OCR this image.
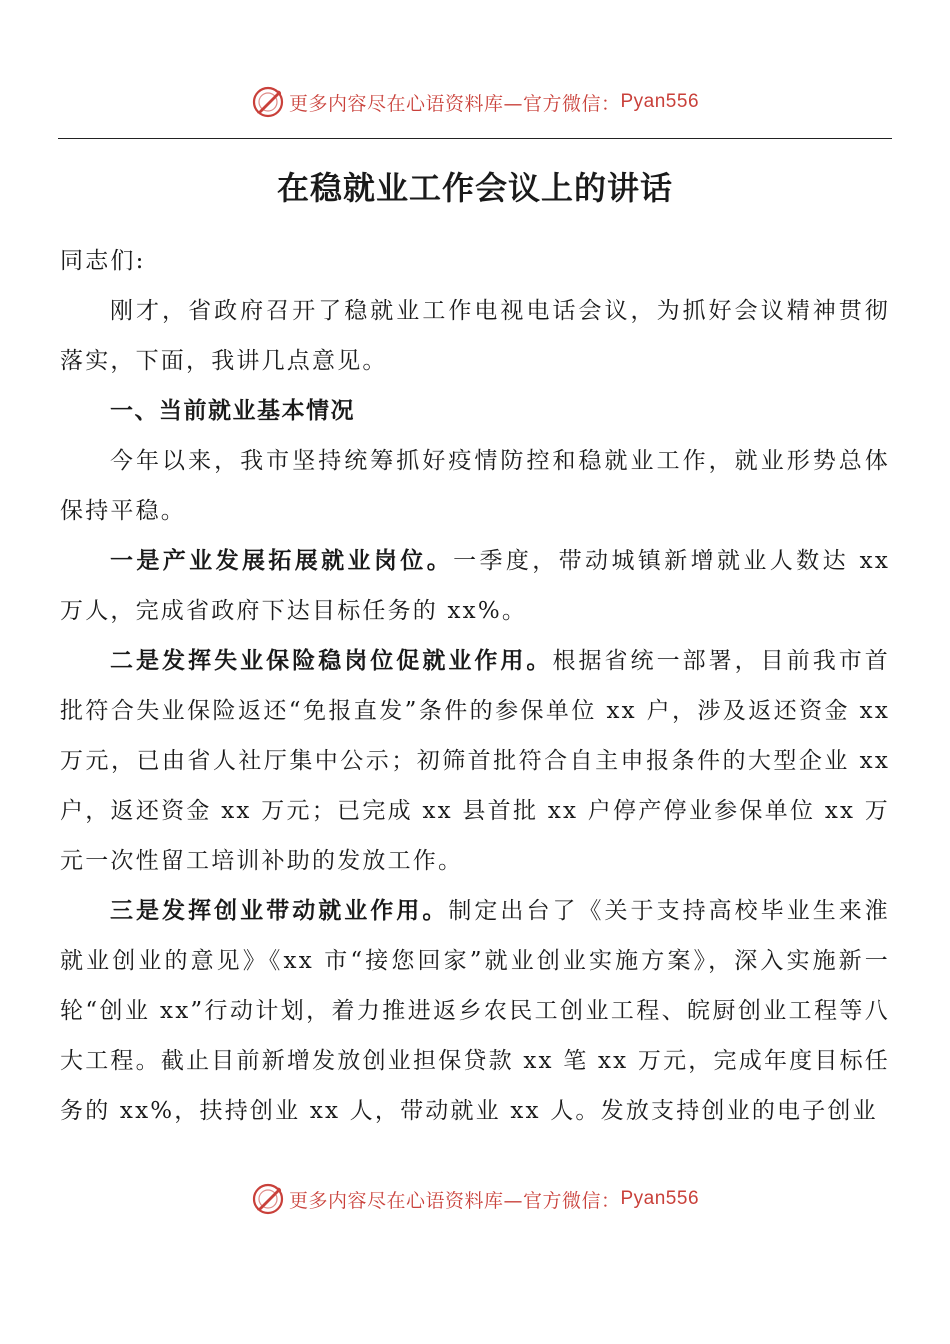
更多内容尽在心语资料库—官方微信： Pyan556
在稳就业工作会议上的讲话

同志们:

刚才，省政府召开了稳就业工作电视电话会议，为抓好会议精神贯彻落实，下面，我讲几点意见。

一、当前就业基本情况

今年以来，我市坚持统筹抓好疫情防控和稳就业工作，就业形势总体保持平稳。

一是产业发展拓展就业岗位。一季度，带动城镇新增就业人数达 xx 万人，完成省政府下达目标任务的 xx%。

二是发挥失业保险稳岗位促就业作用。根据省统一部署，目前我市首批符合失业保险返还“免报直发”条件的参保单位 xx 户，涉及返还资金 xx 万元，已由省人社厅集中公示；初筛首批符合自主申报条件的大型企业 xx 户，返还资金 xx 万元；已完成 xx 县首批 xx 户停产停业参保单位 xx 万元一次性留工培训补助的发放工作。

三是发挥创业带动就业作用。制定出台了《关于支持高校毕业生来淮就业创业的意见》《xx 市“接您回家”就业创业实施方案》，深入实施新一轮“创业 xx”行动计划，着力推进返乡农民工创业工程、皖厨创业工程等八大工程。截止目前新增发放创业担保贷款 xx 笔 xx 万元，完成年度目标任务的 xx%，扶持创业 xx 人，带动就业 xx 人。发放支持创业的电子创业

更多内容尽在心语资料库—官方微信： Pyan556
